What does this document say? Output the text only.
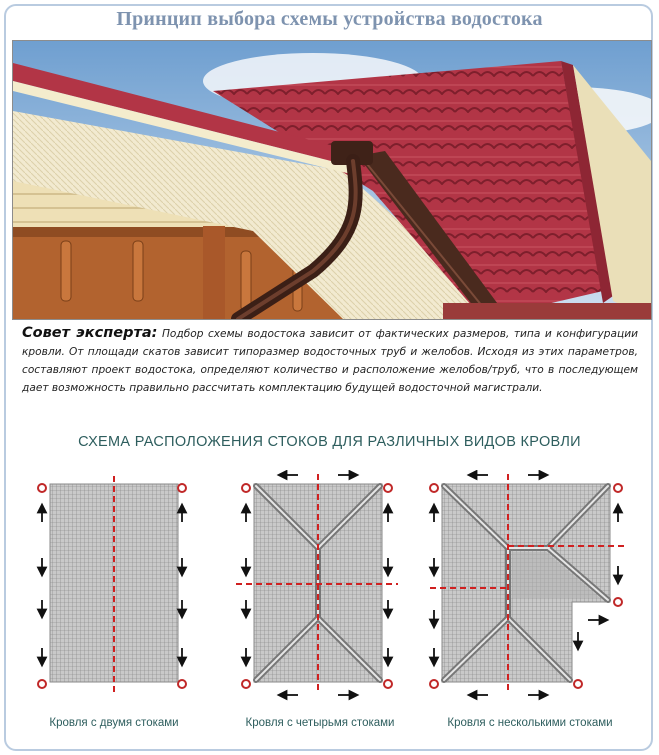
Принцип выбора схемы устройства водостока
Совет эксперта: Подбор схемы водостока зависит от фактических размеров, типа и конфигурации кровли. От площади скатов зависит типоразмер водосточных труб и желобов. Исходя из этих параметров, составляют проект водостока, определяют количество и расположение желобов/труб, что в последующем дает возможность правильно рассчитать комплектацию будущей водосточной магистрали.
СХЕМА РАСПОЛОЖЕНИЯ СТОКОВ ДЛЯ РАЗЛИЧНЫХ ВИДОВ КРОВЛИ
Кровля с двумя стоками	Кровля с четырьмя стоками	Кровля с несколькими стоками
